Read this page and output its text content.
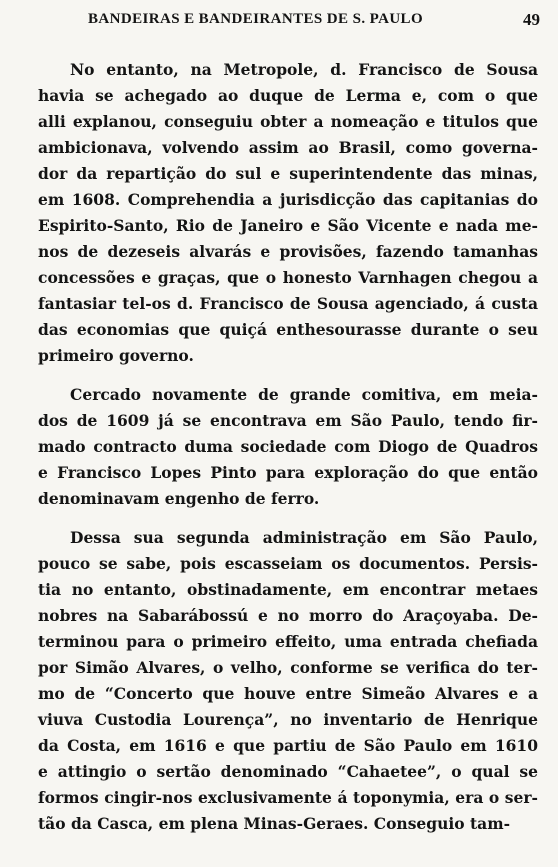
BANDEIRAS E BANDEIRANTES DE S. PAULO	49
No entanto, na Metropole, d. Francisco de Sousa
havia se achegado ao duque de Lerma e, com o que
alli explanou, conseguiu obter a nomeação e titulos que
ambicionava, volvendo assim ao Brasil, como governa-
dor da repartição do sul e superintendente das minas,
em 1608. Comprehendia a jurisdicção das capitanias do
Espirito-Santo, Rio de Janeiro e São Vicente e nada me-
nos de dezeseis alvarás e provisões, fazendo tamanhas
concessões e graças, que o honesto Varnhagen chegou a
fantasiar tel-os d. Francisco de Sousa agenciado, á custa
das economias que quiçá enthesourasse durante o seu
primeiro governo.
Cercado novamente de grande comitiva, em meia-
dos de 1609 já se encontrava em São Paulo, tendo fir-
mado contracto duma sociedade com Diogo de Quadros
e Francisco Lopes Pinto para exploração do que então
denominavam engenho de ferro.
Dessa sua segunda administração em São Paulo,
pouco se sabe, pois escasseiam os documentos. Persis-
tia no entanto, obstinadamente, em encontrar metaes
nobres na Sabarábossú e no morro do Araçoyaba. De-
terminou para o primeiro effeito, uma entrada chefiada
por Simão Alvares, o velho, conforme se verifica do ter-
mo de “Concerto que houve entre Simeão Alvares e a
viuva Custodia Lourença”, no inventario de Henrique
da Costa, em 1616 e que partiu de São Paulo em 1610
e attingio o sertão denominado “Cahaetee”, o qual se
formos cingir-nos exclusivamente á toponymia, era o ser-
tão da Casca, em plena Minas-Geraes. Conseguio tam-
